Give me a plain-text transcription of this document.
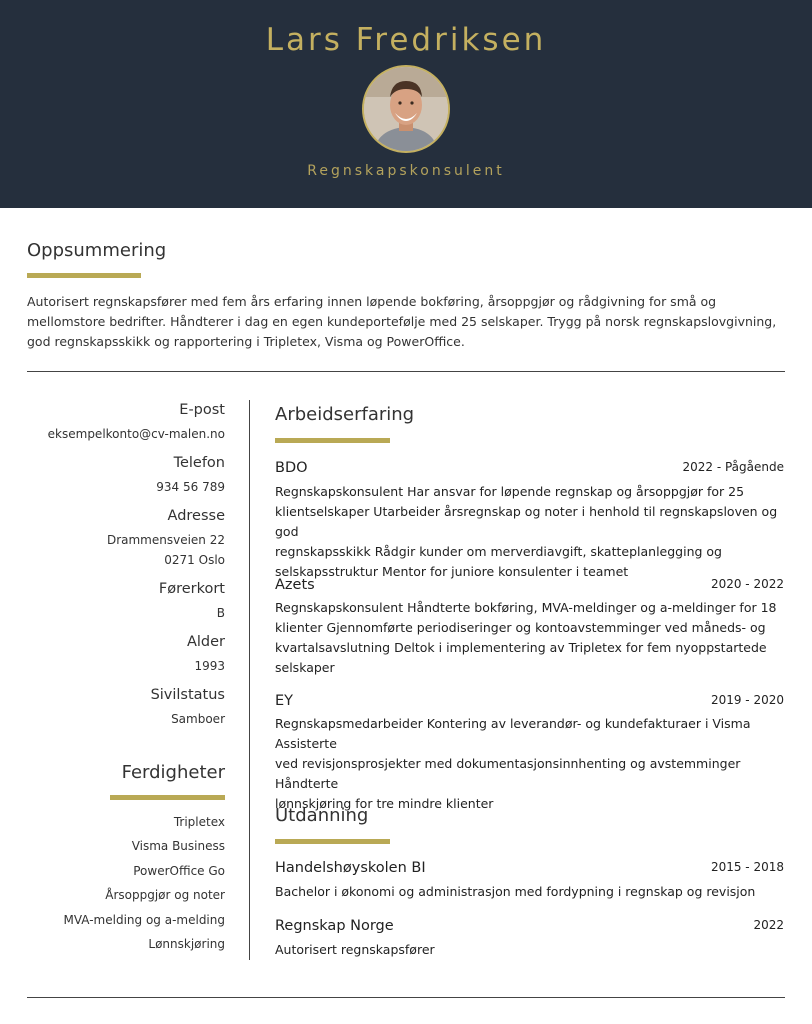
Lars Fredriksen
Regnskapskonsulent
Oppsummering

Autorisert regnskapsfører med fem års erfaring innen løpende bokføring, årsoppgjør og rådgivning for små og mellomstore bedrifter. Håndterer i dag en egen kundeportefølje med 25 selskaper. Trygg på norsk regnskapslovgivning, god regnskapsskikk og rapportering i Tripletex, Visma og PowerOffice.

E-post
eksempelkonto@cv-malen.no
Telefon
934 56 789
Adresse
Drammensveien 22
0271 Oslo
Førerkort
B
Alder
1993
Sivilstatus
Samboer
Ferdigheter
Tripletex
Visma Business
PowerOffice Go
Årsoppgjør og noter
MVA-melding og a-melding
Lønnskjøring
Arbeidserfaring
BDO	2022 - Pågående
Regnskapskonsulent Har ansvar for løpende regnskap og årsoppgjør for 25
klientselskaper Utarbeider årsregnskap og noter i henhold til regnskapsloven og god
regnskapsskikk Rådgir kunder om merverdiavgift, skatteplanlegging og
selskapsstruktur Mentor for juniore konsulenter i teamet
Azets	2020 - 2022
Regnskapskonsulent Håndterte bokføring, MVA-meldinger og a-meldinger for 18
klienter Gjennomførte periodiseringer og kontoavstemminger ved måneds- og
kvartalsavslutning Deltok i implementering av Tripletex for fem nyoppstartede
selskaper
EY	2019 - 2020
Regnskapsmedarbeider Kontering av leverandør- og kundefakturaer i Visma Assisterte
ved revisjonsprosjekter med dokumentasjonsinnhenting og avstemminger Håndterte
lønnskjøring for tre mindre klienter
Utdanning
Handelshøyskolen BI	2015 - 2018
Bachelor i økonomi og administrasjon med fordypning i regnskap og revisjon
Regnskap Norge	2022
Autorisert regnskapsfører
